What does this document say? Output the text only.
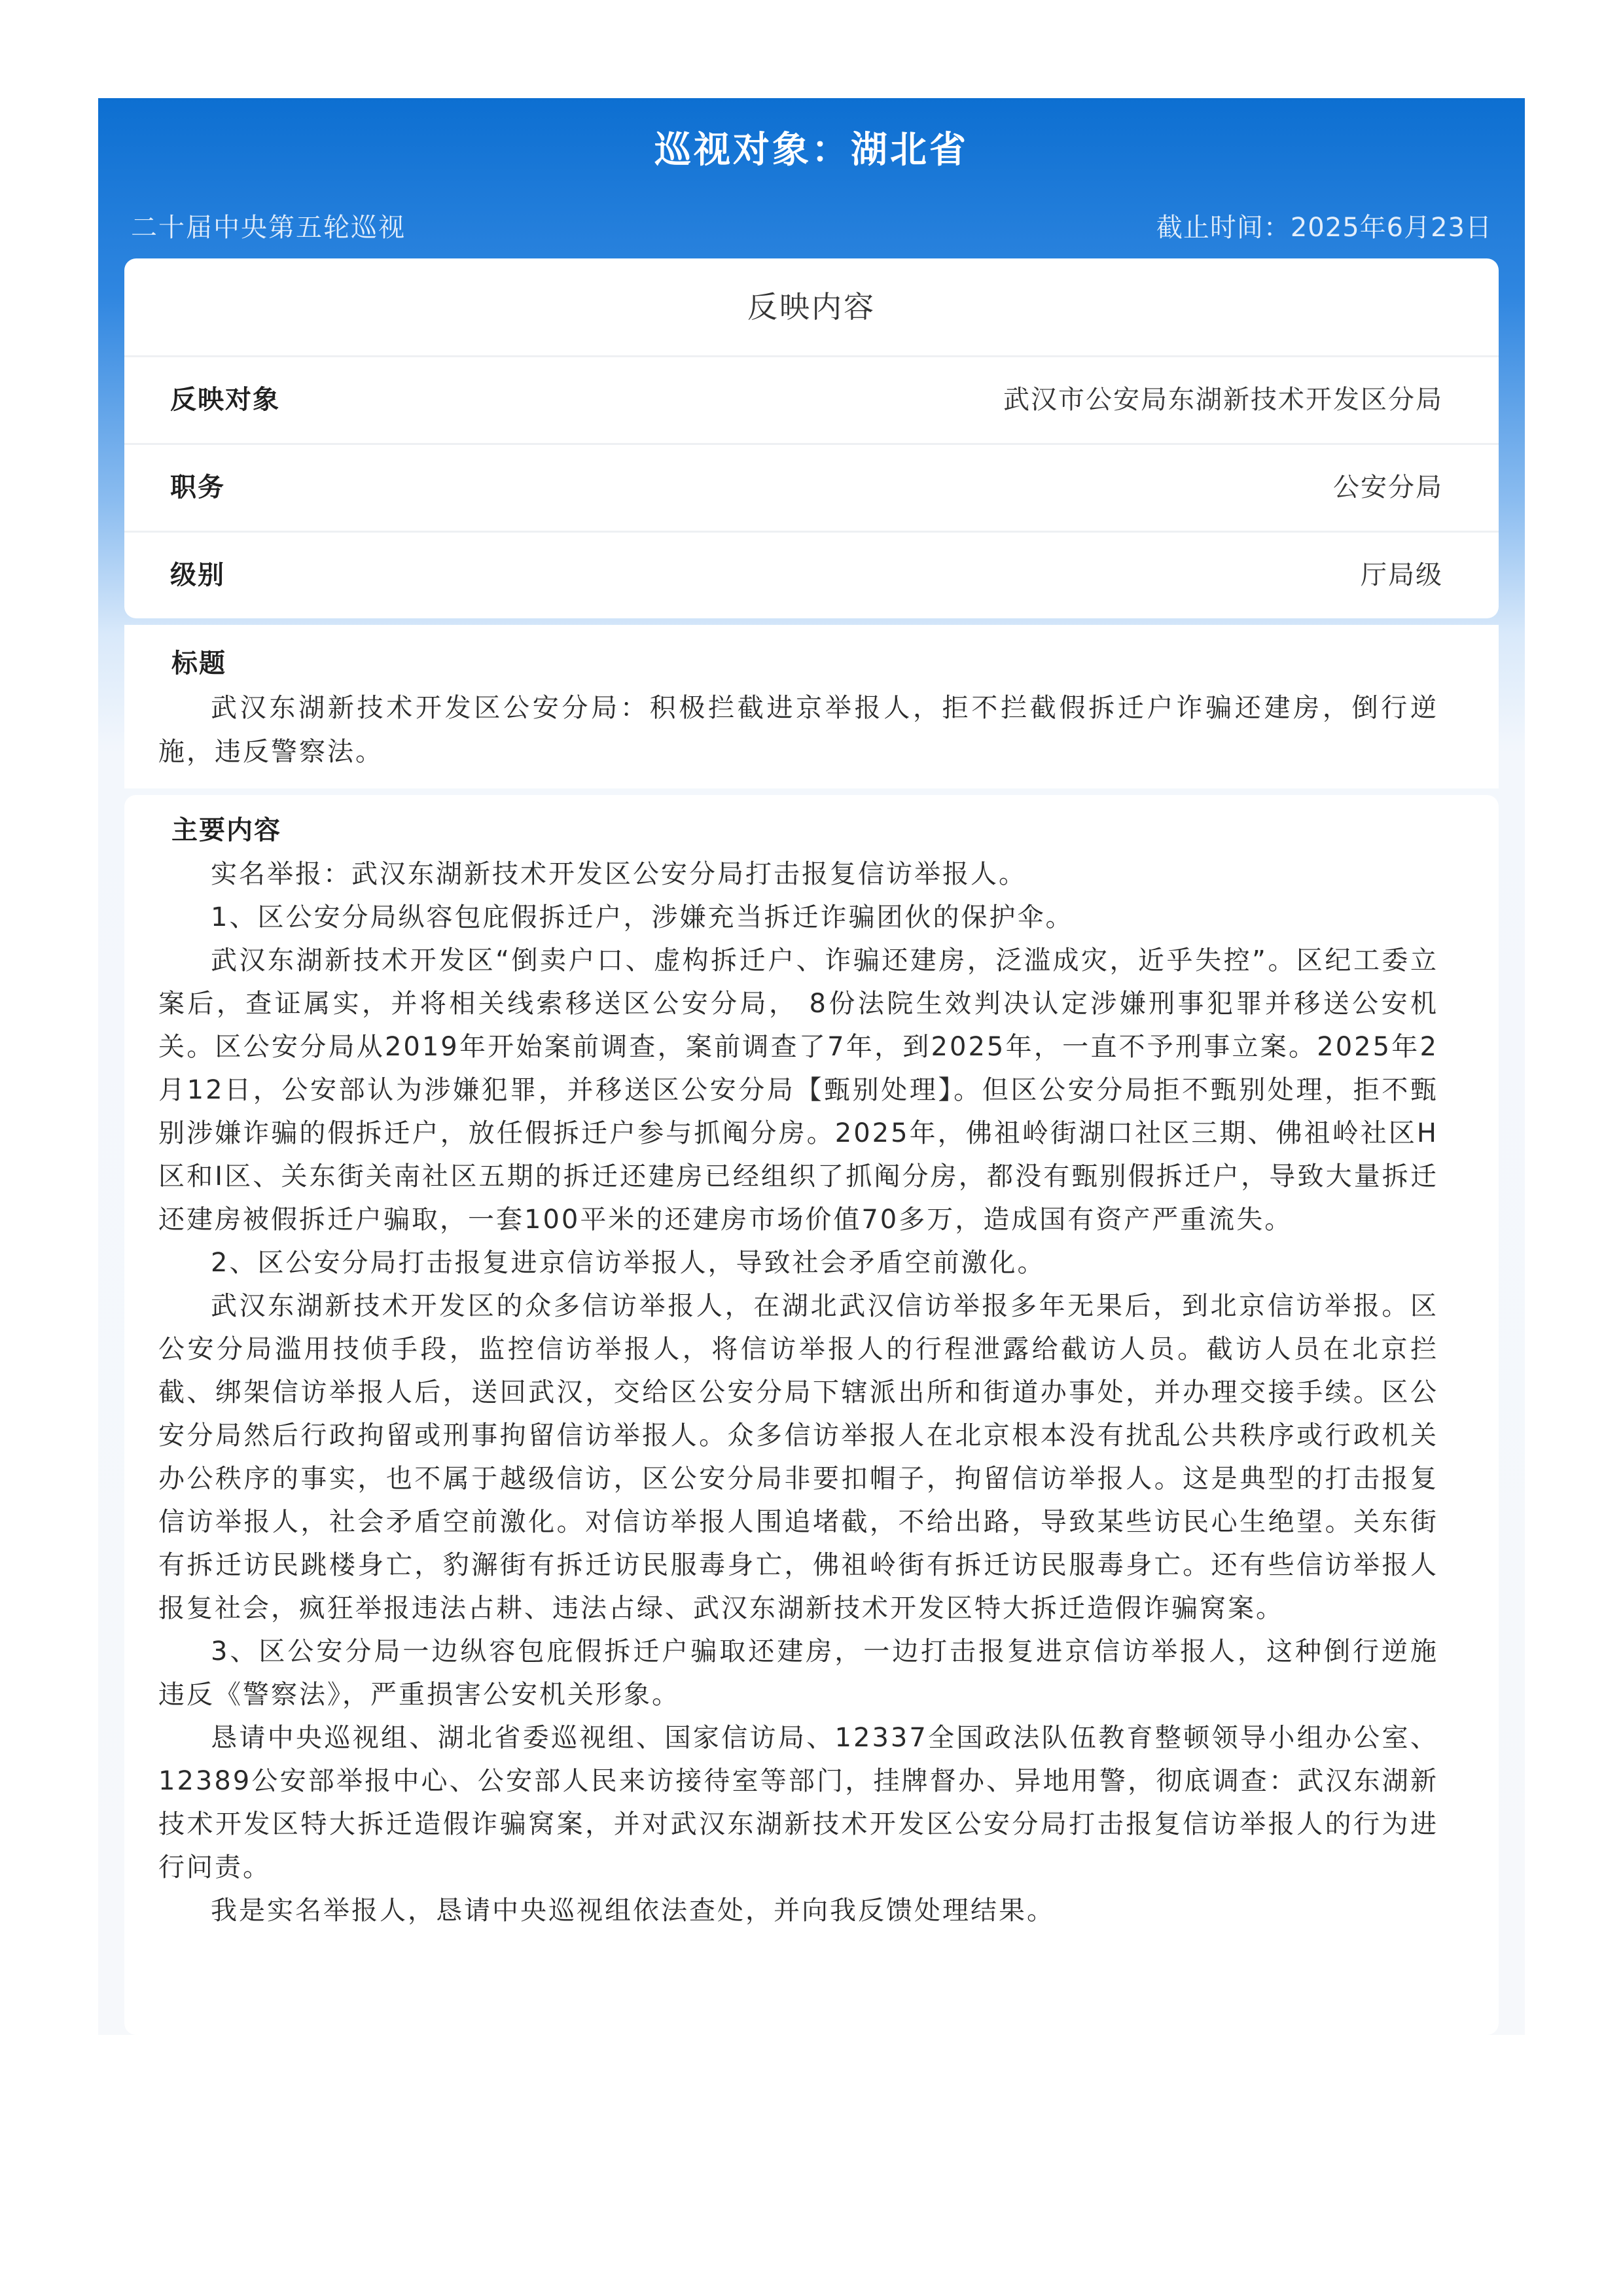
巡视对象：湖北省
二十届中央第五轮巡视	截止时间：2025年6月23日
反映内容
反映对象	武汉市公安局东湖新技术开发区分局
职务	公安分局
级别	厅局级
标题

武汉东湖新技术开发区公安分局：积极拦截进京举报人，拒不拦截假拆迁户诈骗还建房，倒行逆施，违反警察法。

主要内容

实名举报：武汉东湖新技术开发区公安分局打击报复信访举报人。

1、区公安分局纵容包庇假拆迁户，涉嫌充当拆迁诈骗团伙的保护伞。

武汉东湖新技术开发区“倒卖户口、虚构拆迁户、诈骗还建房，泛滥成灾，近乎失控”。区纪工委立案后，查证属实，并将相关线索移送区公安分局， 8份法院生效判决认定涉嫌刑事犯罪并移送公安机关。区公安分局从2019年开始案前调查，案前调查了7年，到2025年，一直不予刑事立案。2025年2月12日，公安部认为涉嫌犯罪，并移送区公安分局【甄别处理】。但区公安分局拒不甄别处理，拒不甄别涉嫌诈骗的假拆迁户，放任假拆迁户参与抓阄分房。2025年，佛祖岭街湖口社区三期、佛祖岭社区H区和I区、关东街关南社区五期的拆迁还建房已经组织了抓阄分房，都没有甄别假拆迁户，导致大量拆迁还建房被假拆迁户骗取，一套100平米的还建房市场价值70多万，造成国有资产严重流失。

2、区公安分局打击报复进京信访举报人，导致社会矛盾空前激化。

武汉东湖新技术开发区的众多信访举报人，在湖北武汉信访举报多年无果后，到北京信访举报。区公安分局滥用技侦手段，监控信访举报人，将信访举报人的行程泄露给截访人员。截访人员在北京拦截、绑架信访举报人后，送回武汉，交给区公安分局下辖派出所和街道办事处，并办理交接手续。区公安分局然后行政拘留或刑事拘留信访举报人。众多信访举报人在北京根本没有扰乱公共秩序或行政机关办公秩序的事实，也不属于越级信访，区公安分局非要扣帽子，拘留信访举报人。这是典型的打击报复信访举报人，社会矛盾空前激化。对信访举报人围追堵截，不给出路，导致某些访民心生绝望。关东街有拆迁访民跳楼身亡，豹澥街有拆迁访民服毒身亡，佛祖岭街有拆迁访民服毒身亡。还有些信访举报人报复社会，疯狂举报违法占耕、违法占绿、武汉东湖新技术开发区特大拆迁造假诈骗窝案。

3、区公安分局一边纵容包庇假拆迁户骗取还建房，一边打击报复进京信访举报人，这种倒行逆施违反《警察法》，严重损害公安机关形象。

恳请中央巡视组、湖北省委巡视组、国家信访局、12337全国政法队伍教育整顿领导小组办公室、12389公安部举报中心、公安部人民来访接待室等部门，挂牌督办、异地用警，彻底调查：武汉东湖新技术开发区特大拆迁造假诈骗窝案，并对武汉东湖新技术开发区公安分局打击报复信访举报人的行为进行问责。

我是实名举报人，恳请中央巡视组依法查处，并向我反馈处理结果。
